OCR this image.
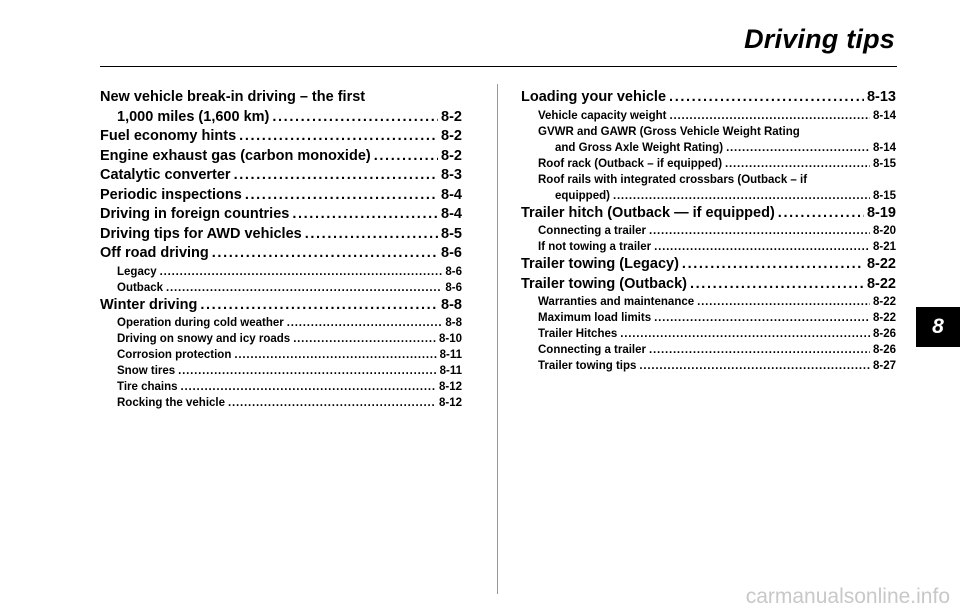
Driving tips
8
New vehicle break-in driving – the first
1,000 miles (1,600 km) . . .	8-2
Fuel economy hints . . .	8-2
Engine exhaust gas (carbon monoxide) . . .	8-2
Catalytic converter . . .	8-3
Periodic inspections . . .	8-4
Driving in foreign countries . . .	8-4
Driving tips for AWD vehicles . . .	8-5
Off road driving . . .	8-6
Legacy . . .	8-6
Outback . . .	8-6
Winter driving . . .	8-8
Operation during cold weather . . .	8-8
Driving on snowy and icy roads . . .	8-10
Corrosion protection . . .	8-11
Snow tires . . .	8-11
Tire chains . . .	8-12
Rocking the vehicle . . .	8-12
Loading your vehicle . . .	8-13
Vehicle capacity weight . . .	8-14
GVWR and GAWR (Gross Vehicle Weight Rating
and Gross Axle Weight Rating) . . .	8-14
Roof rack (Outback – if equipped) . . .	8-15
Roof rails with integrated crossbars (Outback – if
equipped) . . .	8-15
Trailer hitch (Outback — if equipped) . . .	8-19
Connecting a trailer . . .	8-20
If not towing a trailer . . .	8-21
Trailer towing (Legacy) . . .	8-22
Trailer towing (Outback) . . .	8-22
Warranties and maintenance . . .	8-22
Maximum load limits . . .	8-22
Trailer Hitches . . .	8-26
Connecting a trailer . . .	8-26
Trailer towing tips . . .	8-27
carmanualsonline.info
